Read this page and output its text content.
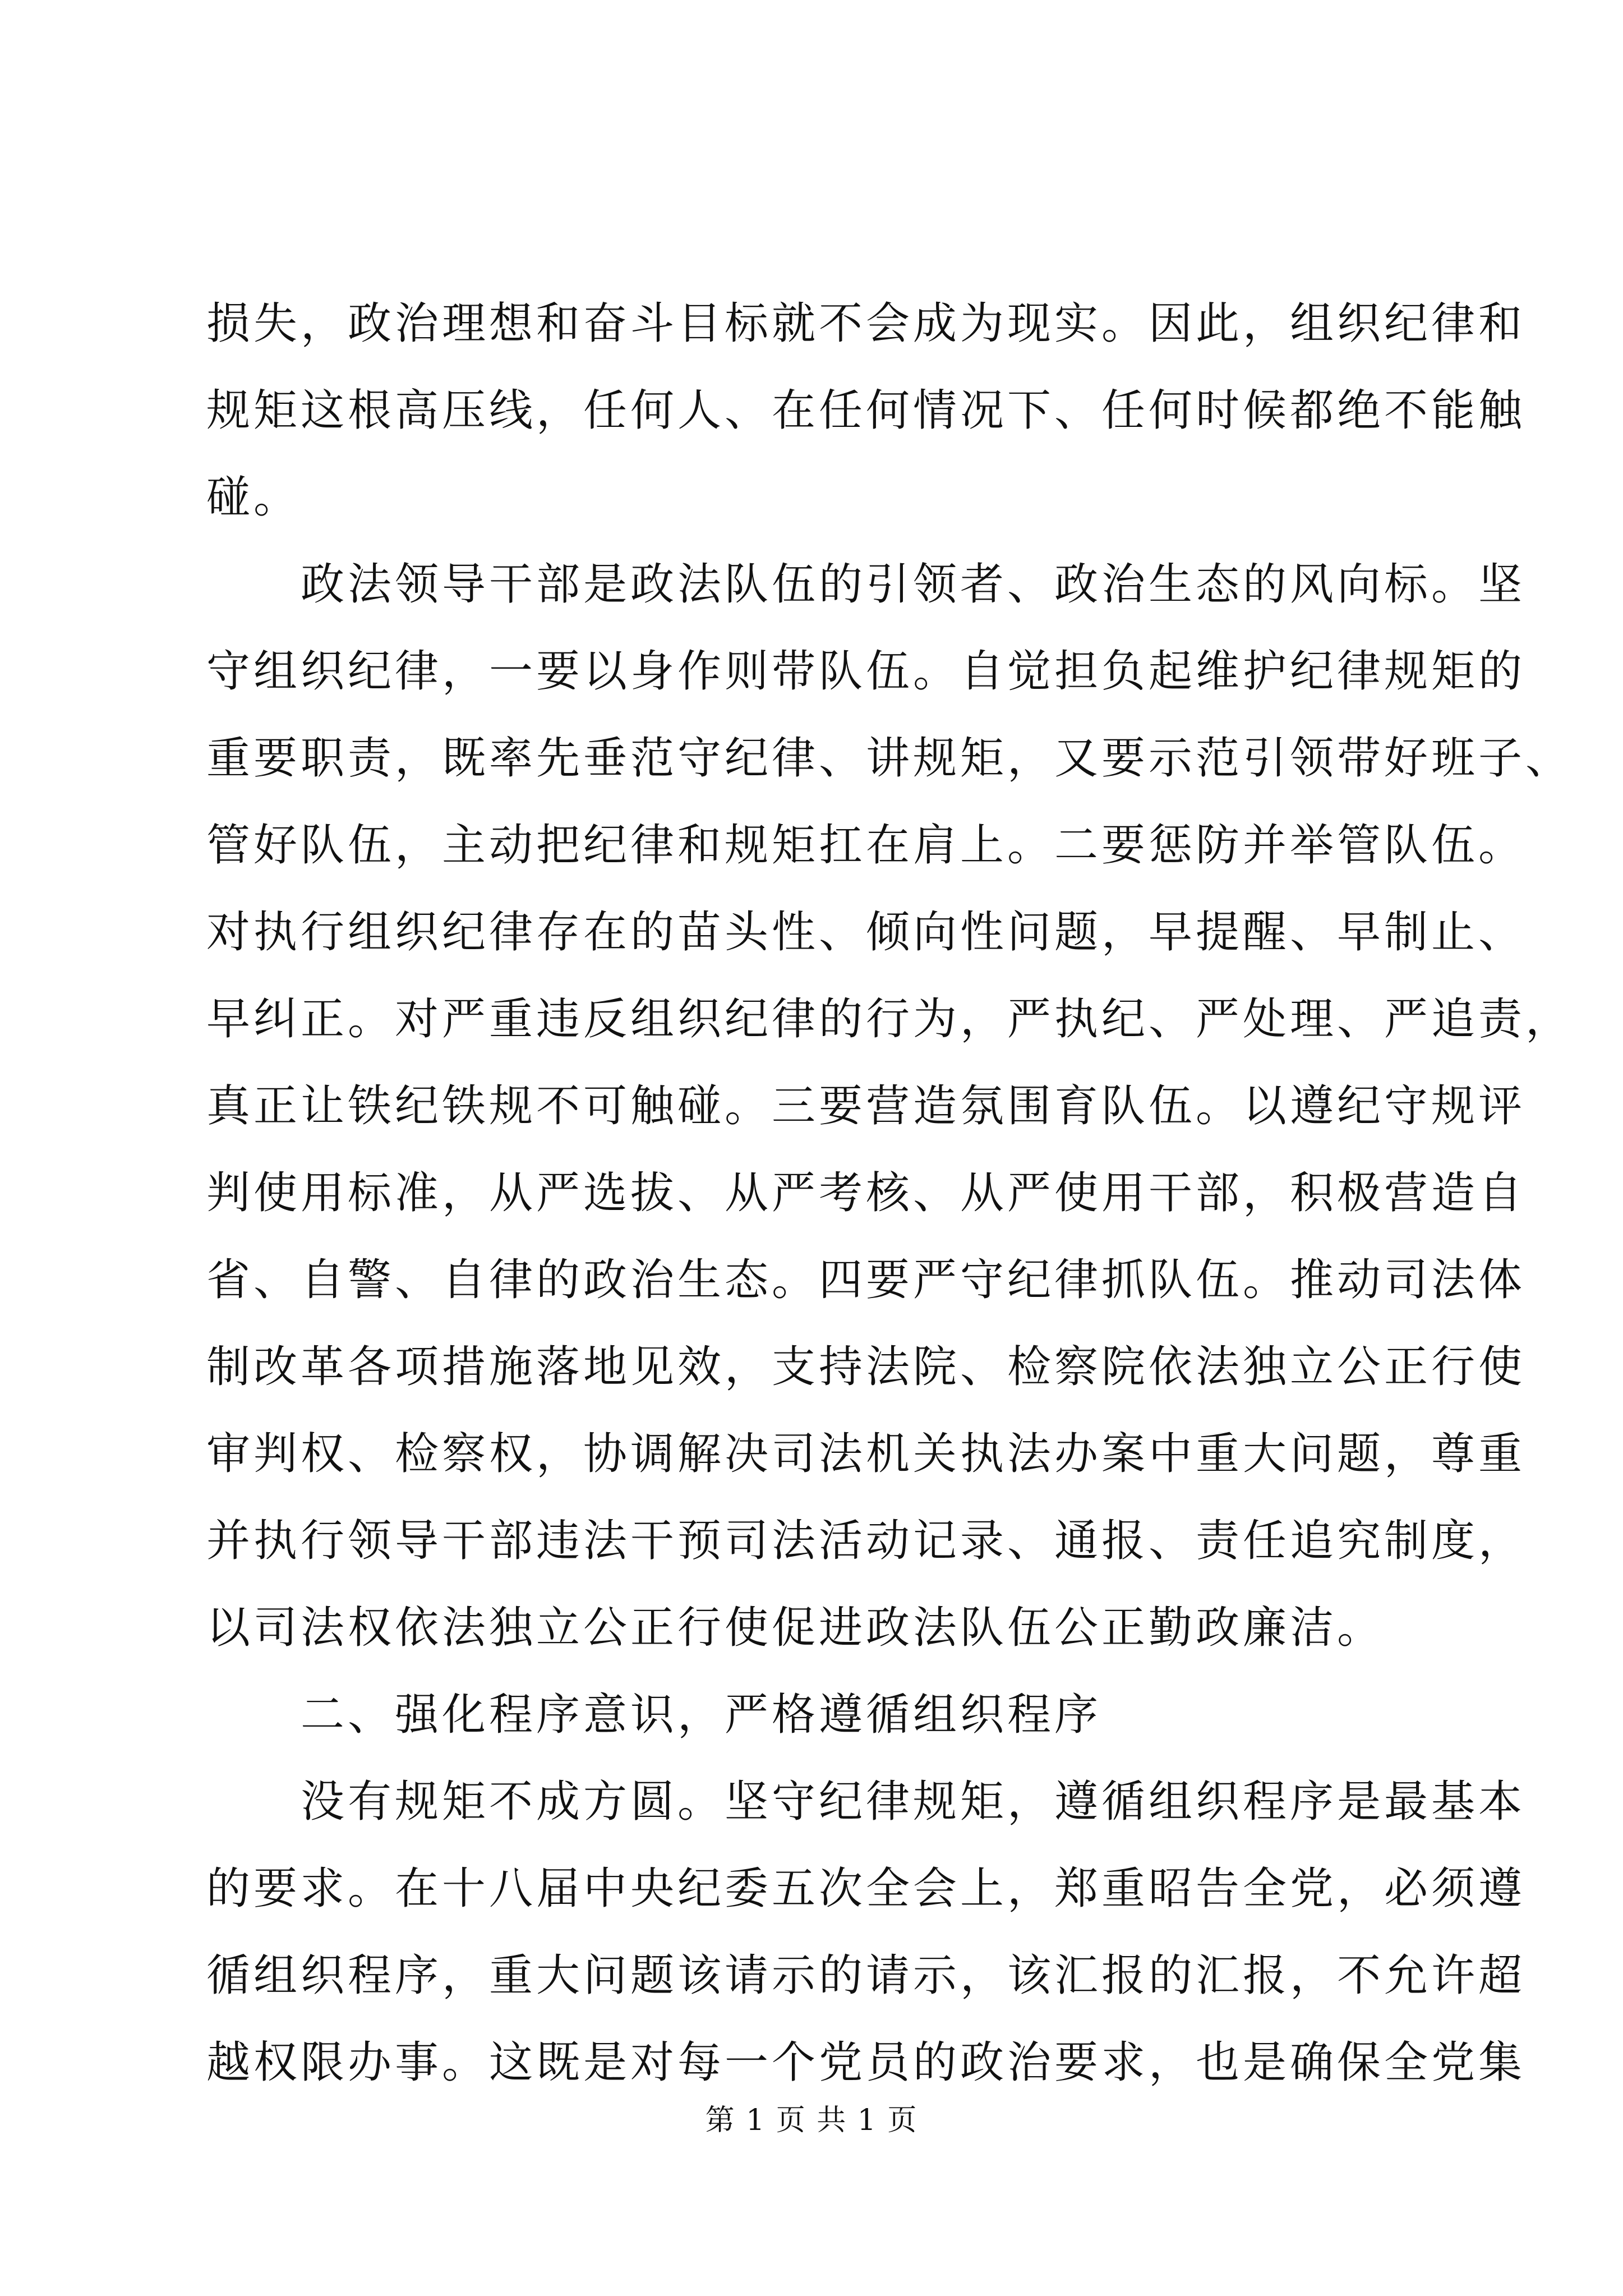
损失，政治理想和奋斗目标就不会成为现实。因此，组织纪律和
规矩这根高压线，任何人、在任何情况下、任何时候都绝不能触
碰。
　　政法领导干部是政法队伍的引领者、政治生态的风向标。坚
守组织纪律，一要以身作则带队伍。自觉担负起维护纪律规矩的
重要职责，既率先垂范守纪律、讲规矩，又要示范引领带好班子、
管好队伍，主动把纪律和规矩扛在肩上。二要惩防并举管队伍。
对执行组织纪律存在的苗头性、倾向性问题，早提醒、早制止、
早纠正。对严重违反组织纪律的行为，严执纪、严处理、严追责，
真正让铁纪铁规不可触碰。三要营造氛围育队伍。以遵纪守规评
判使用标准，从严选拔、从严考核、从严使用干部，积极营造自
省、自警、自律的政治生态。四要严守纪律抓队伍。推动司法体
制改革各项措施落地见效，支持法院、检察院依法独立公正行使
审判权、检察权，协调解决司法机关执法办案中重大问题，尊重
并执行领导干部违法干预司法活动记录、通报、责任追究制度，
以司法权依法独立公正行使促进政法队伍公正勤政廉洁。
　　二、强化程序意识，严格遵循组织程序
　　没有规矩不成方圆。坚守纪律规矩，遵循组织程序是最基本
的要求。在十八届中央纪委五次全会上，郑重昭告全党，必须遵
循组织程序，重大问题该请示的请示，该汇报的汇报，不允许超
越权限办事。这既是对每一个党员的政治要求，也是确保全党集
第 1 页 共 1 页
